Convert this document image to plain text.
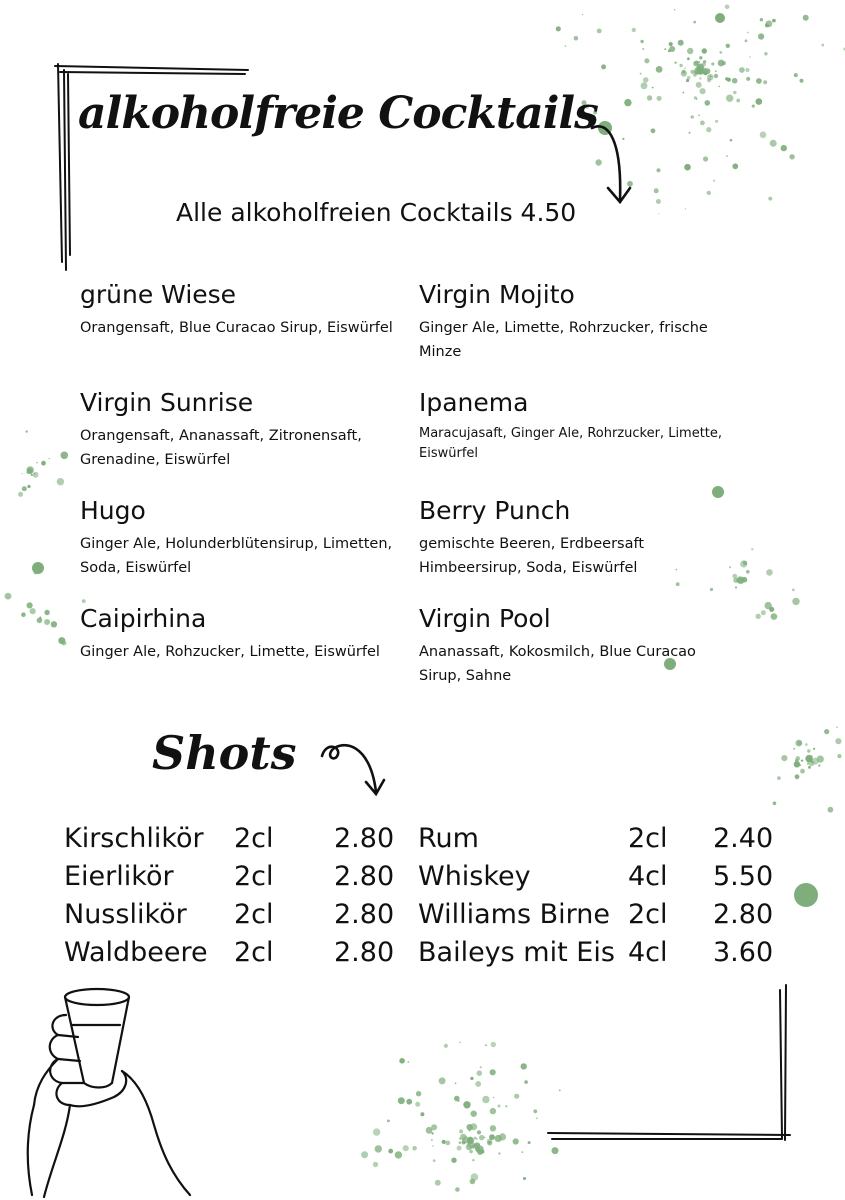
alkoholfreie Cocktails
Alle alkoholfreien Cocktails 4.50
grüne Wiese
Orangensaft, Blue Curacao Sirup, Eiswürfel
Virgin Sunrise
Orangensaft, Ananassaft, Zitronensaft, Grenadine, Eiswürfel
Hugo
Ginger Ale, Holunderblütensirup, Limetten, Soda, Eiswürfel
Caipirhina
Ginger Ale, Rohzucker, Limette, Eiswürfel
Virgin Mojito
Ginger Ale, Limette, Rohrzucker, frische Minze
Ipanema
Maracujasaft, Ginger Ale, Rohrzucker, Limette, Eiswürfel
Berry Punch
gemischte Beeren, Erdbeersaft Himbeersirup, Soda, Eiswürfel
Virgin Pool
Ananassaft, Kokosmilch, Blue Curacao Sirup, Sahne
Shots
Kirschlikör 2cl 2.80
Eierlikör 2cl 2.80
Nusslikör 2cl 2.80
Waldbeere 2cl 2.80
Rum	2cl 2.40
Whiskey	4cl 5.50
Williams Birne 2cl 2.80
Baileys mit Eis 4cl 3.60
